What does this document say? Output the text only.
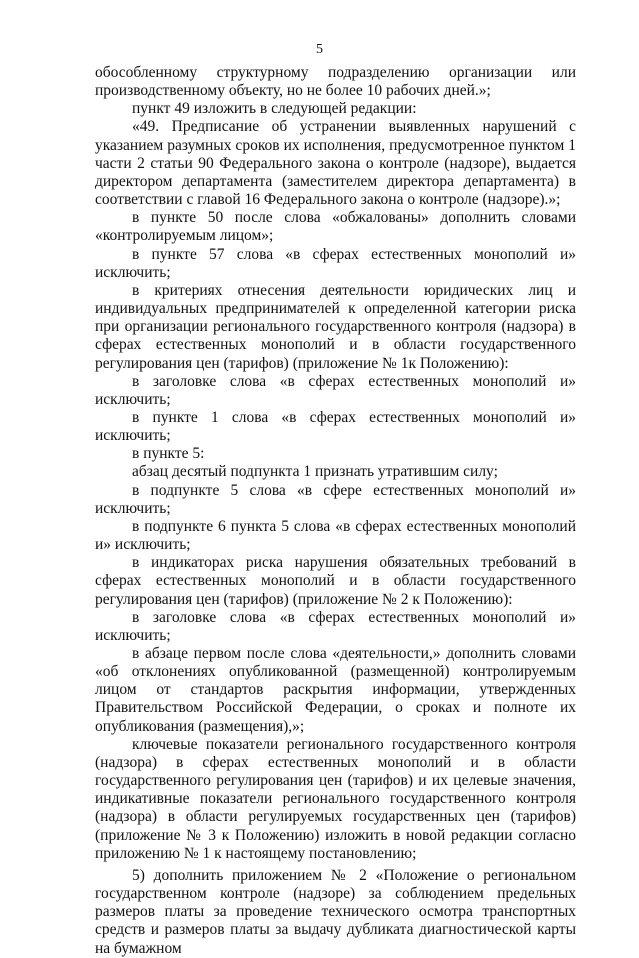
5

обособленному структурному подразделению организации или производственному объекту, но не более 10 рабочих дней.»;

пункт 49 изложить в следующей редакции:

«49. Предписание об устранении выявленных нарушений с указанием разумных сроков их исполнения, предусмотренное пунктом 1 части 2 статьи 90 Федерального закона о контроле (надзоре), выдается директором департамента (заместителем директора департамента) в соответствии с главой 16 Федерального закона о контроле (надзоре).»;

в пункте 50 после слова «обжалованы» дополнить словами «контролируемым лицом»;

в пункте 57 слова «в сферах естественных монополий и» исключить;

в критериях отнесения деятельности юридических лиц и индивидуальных предпринимателей к определенной категории риска при организации регионального государственного контроля (надзора) в сферах естественных монополий и в области государственного регулирования цен (тарифов) (приложение № 1к Положению):

в заголовке слова «в сферах естественных монополий и» исключить;

в пункте 1 слова «в сферах естественных монополий и» исключить;

в пункте 5:

абзац десятый подпункта 1 признать утратившим силу;

в подпункте 5 слова «в сфере естественных монополий и» исключить;

в подпункте 6 пункта 5 слова «в сферах естественных монополий и» исключить;

в индикаторах риска нарушения обязательных требований в сферах естественных монополий и в области государственного регулирования цен (тарифов) (приложение № 2 к Положению):

в заголовке слова «в сферах естественных монополий и» исключить;

в абзаце первом после слова «деятельности,» дополнить словами «об отклонениях опубликованной (размещенной) контролируемым лицом от стандартов раскрытия информации, утвержденных Правительством Российской Федерации, о сроках и полноте их опубликования (размещения),»;

ключевые показатели регионального государственного контроля (надзора) в сферах естественных монополий и в области государственного регулирования цен (тарифов) и их целевые значения, индикативные показатели регионального государственного контроля (надзора) в области регулируемых государственных цен (тарифов) (приложение № 3 к Положению) изложить в новой редакции согласно приложению № 1 к настоящему постановлению;

5) дополнить приложением № 2 «Положение о региональном государственном контроле (надзоре) за соблюдением предельных размеров платы за проведение технического осмотра транспортных средств и размеров платы за выдачу дубликата диагностической карты на бумажном
